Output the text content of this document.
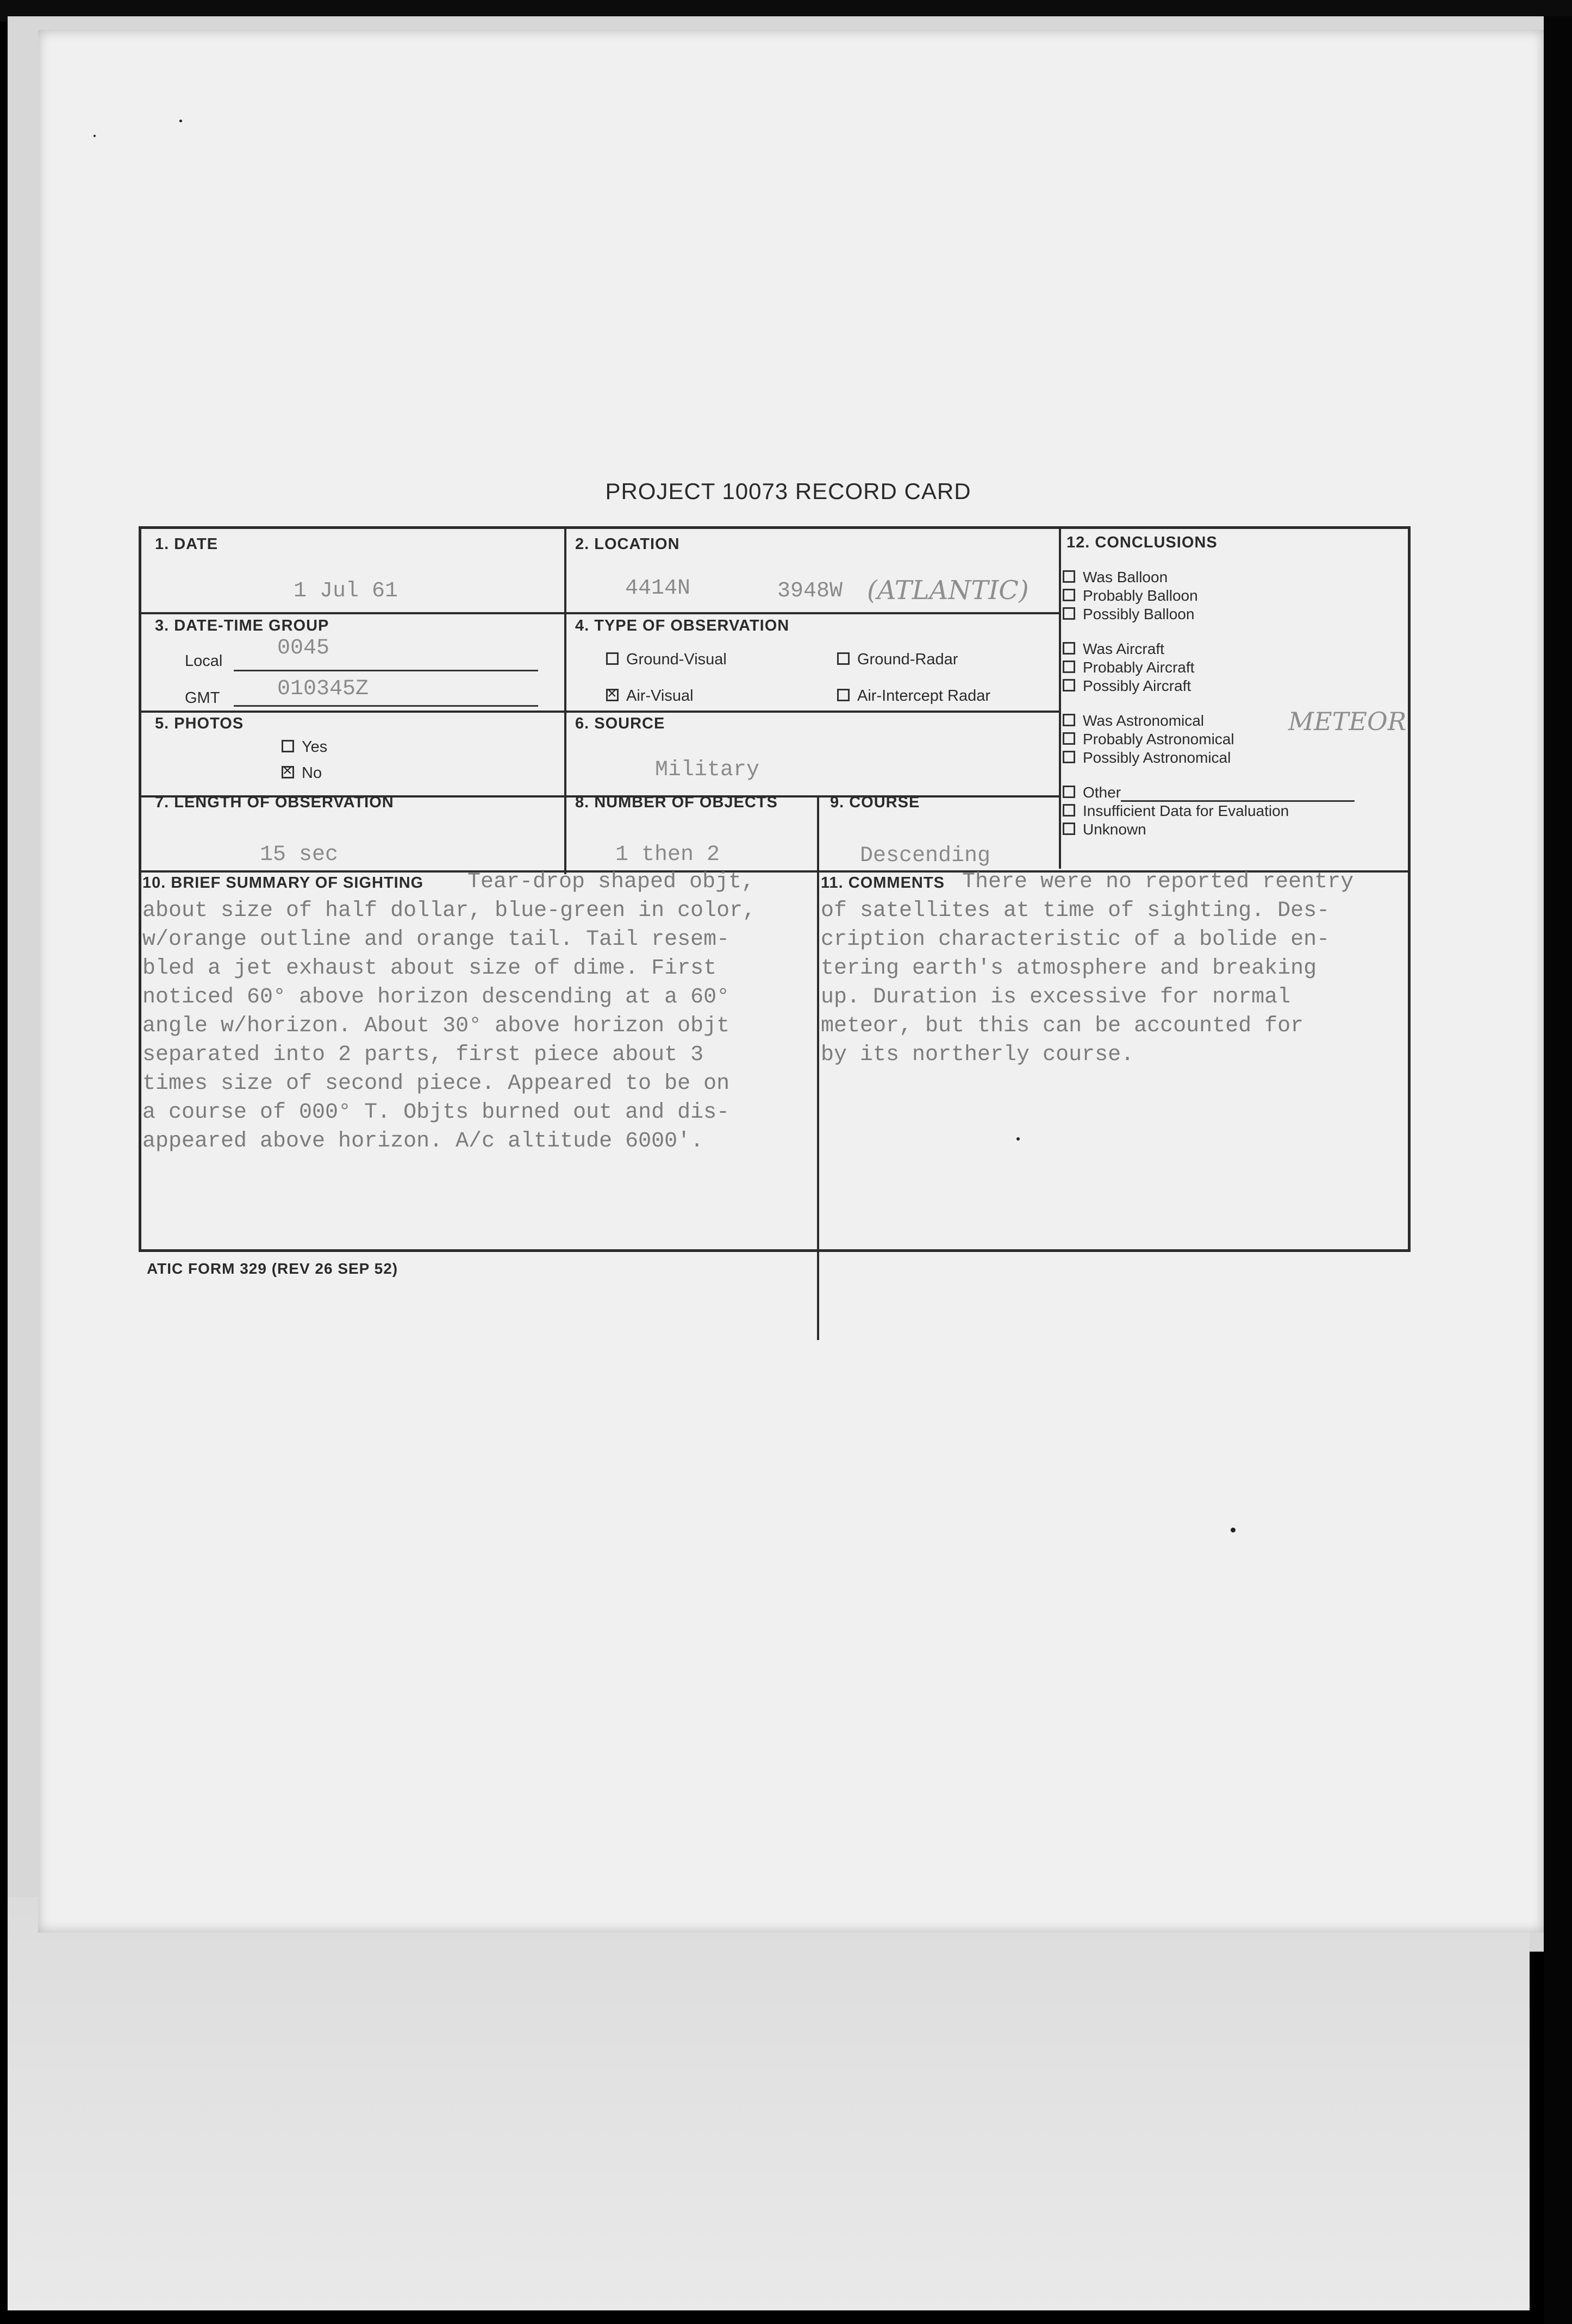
PROJECT 10073 RECORD CARD
1. DATE
1 Jul 61
2. LOCATION
4414N	3948W (ATLANTIC)
3. DATE-TIME GROUP
Local
0045
GMT	010345Z
4. TYPE OF OBSERVATION
Ground-Visual	Ground-Radar
×Air-Visual	Air-Intercept Radar
5. PHOTOS
Yes
×No
6. SOURCE
Military
7. LENGTH OF OBSERVATION
15 sec
8. NUMBER OF OBJECTS
1 then 2
9. COURSE
Descending
12. CONCLUSIONS
Was Balloon
Probably Balloon
Possibly Balloon
Was Aircraft
Probably Aircraft
Possibly Aircraft
Was Astronomical
Probably Astronomical
Possibly Astronomical
Other
Insufficient Data for Evaluation
Unknown
METEOR
10. BRIEF SUMMARY OF SIGHTING Tear-drop shaped objt,
about size of half dollar, blue-green in color,
w/orange outline and orange tail. Tail resem-
bled a jet exhaust about size of dime. First
noticed 60° above horizon descending at a 60°
angle w/horizon. About 30° above horizon objt
separated into 2 parts, first piece about 3
times size of second piece. Appeared to be on
a course of 000° T. Objts burned out and dis-
appeared above horizon. A/c altitude 6000'.
11. COMMENTS There were no reported reentry
of satellites at time of sighting. Des-
cription characteristic of a bolide en-
tering earth's atmosphere and breaking
up. Duration is excessive for normal
meteor, but this can be accounted for
by its northerly course.
ATIC FORM 329 (REV 26 SEP 52)
